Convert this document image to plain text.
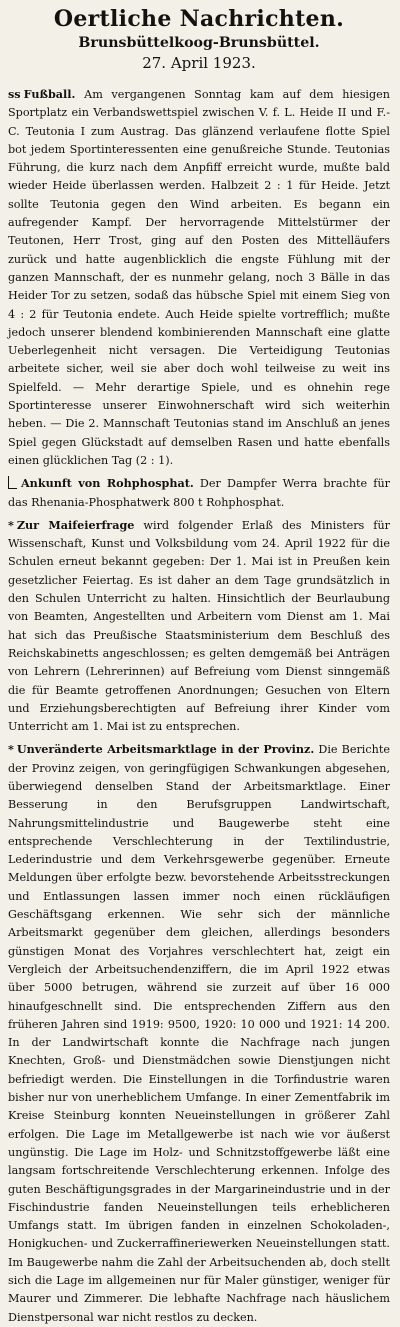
Oertliche Nachrichten.
Brunsbüttelkoog-Brunsbüttel.
27. April 1923.

ss Fußball. Am vergangenen Sonntag kam auf dem hiesigen Sportplatz ein Verbandswettspiel zwischen V. f. L. Heide II und F.-C. Teutonia I zum Austrag. Das glänzend verlaufene flotte Spiel bot jedem Sportinteressenten eine genußreiche Stunde. Teutonias Führung, die kurz nach dem Anpfiff erreicht wurde, mußte bald wieder Heide überlassen werden. Halbzeit 2 : 1 für Heide. Jetzt sollte Teutonia gegen den Wind arbeiten. Es begann ein aufregender Kampf. Der hervorragende Mittelstürmer der Teutonen, Herr Trost, ging auf den Posten des Mittelläufers zurück und hatte augenblicklich die engste Fühlung mit der ganzen Mannschaft, der es nunmehr gelang, noch 3 Bälle in das Heider Tor zu setzen, sodaß das hübsche Spiel mit einem Sieg von 4 : 2 für Teutonia endete. Auch Heide spielte vortrefflich; mußte jedoch unserer blendend kombinierenden Mannschaft eine glatte Ueberlegenheit nicht versagen. Die Verteidigung Teutonias arbeitete sicher, weil sie aber doch wohl teilweise zu weit ins Spielfeld. — Mehr derartige Spiele, und es ohnehin rege Sportinteresse unserer Einwohnerschaft wird sich weiterhin heben. — Die 2. Mannschaft Teutonias stand im Anschluß an jenes Spiel gegen Glückstadt auf demselben Rasen und hatte ebenfalls einen glücklichen Tag (2 : 1).

Ankunft von Rohphosphat. Der Dampfer Werra brachte für das Rhenania-Phosphatwerk 800 t Rohphosphat.

* Zur Maifeierfrage wird folgender Erlaß des Ministers für Wissenschaft, Kunst und Volksbildung vom 24. April 1922 für die Schulen erneut bekannt gegeben: Der 1. Mai ist in Preußen kein gesetzlicher Feiertag. Es ist daher an dem Tage grundsätzlich in den Schulen Unterricht zu halten. Hinsichtlich der Beurlaubung von Beamten, Angestellten und Arbeitern vom Dienst am 1. Mai hat sich das Preußische Staatsministerium dem Beschluß des Reichskabinetts angeschlossen; es gelten demgemäß bei Anträgen von Lehrern (Lehrerinnen) auf Befreiung vom Dienst sinngemäß die für Beamte getroffenen Anordnungen; Gesuchen von Eltern und Erziehungsberechtigten auf Befreiung ihrer Kinder vom Unterricht am 1. Mai ist zu entsprechen.

* Unveränderte Arbeitsmarktlage in der Provinz. Die Berichte der Provinz zeigen, von geringfügigen Schwankungen abgesehen, überwiegend denselben Stand der Arbeitsmarktlage. Einer Besserung in den Berufsgruppen Landwirtschaft, Nahrungsmittelindustrie und Baugewerbe steht eine entsprechende Verschlechterung in der Textilindustrie, Lederindustrie und dem Verkehrsgewerbe gegenüber. Erneute Meldungen über erfolgte bezw. bevorstehende Arbeitsstreckungen und Entlassungen lassen immer noch einen rückläufigen Geschäftsgang erkennen. Wie sehr sich der männliche Arbeitsmarkt gegenüber dem gleichen, allerdings besonders günstigen Monat des Vorjahres verschlechtert hat, zeigt ein Vergleich der Arbeitsuchendenziffern, die im April 1922 etwas über 5000 betrugen, während sie zurzeit auf über 16 000 hinaufgeschnellt sind. Die entsprechenden Ziffern aus den früheren Jahren sind 1919: 9500, 1920: 10 000 und 1921: 14 200. In der Landwirtschaft konnte die Nachfrage nach jungen Knechten, Groß- und Dienstmädchen sowie Dienstjungen nicht befriedigt werden. Die Einstellungen in die Torfindustrie waren bisher nur von unerheblichem Umfange. In einer Zementfabrik im Kreise Steinburg konnten Neueinstellungen in größerer Zahl erfolgen. Die Lage im Metallgewerbe ist nach wie vor äußerst ungünstig. Die Lage im Holz- und Schnitzstoffgewerbe läßt eine langsam fortschreitende Verschlechterung erkennen. Infolge des guten Beschäftigungsgrades in der Margarineindustrie und in der Fischindustrie fanden Neueinstellungen teils erheblicheren Umfangs statt. Im übrigen fanden in einzelnen Schokoladen-, Honigkuchen- und Zuckerraffineriewerken Neueinstellungen statt. Im Baugewerbe nahm die Zahl der Arbeitsuchenden ab, doch stellt sich die Lage im allgemeinen nur für Maler günstiger, weniger für Maurer und Zimmerer. Die lebhafte Nachfrage nach häuslichem Dienstpersonal war nicht restlos zu decken.
